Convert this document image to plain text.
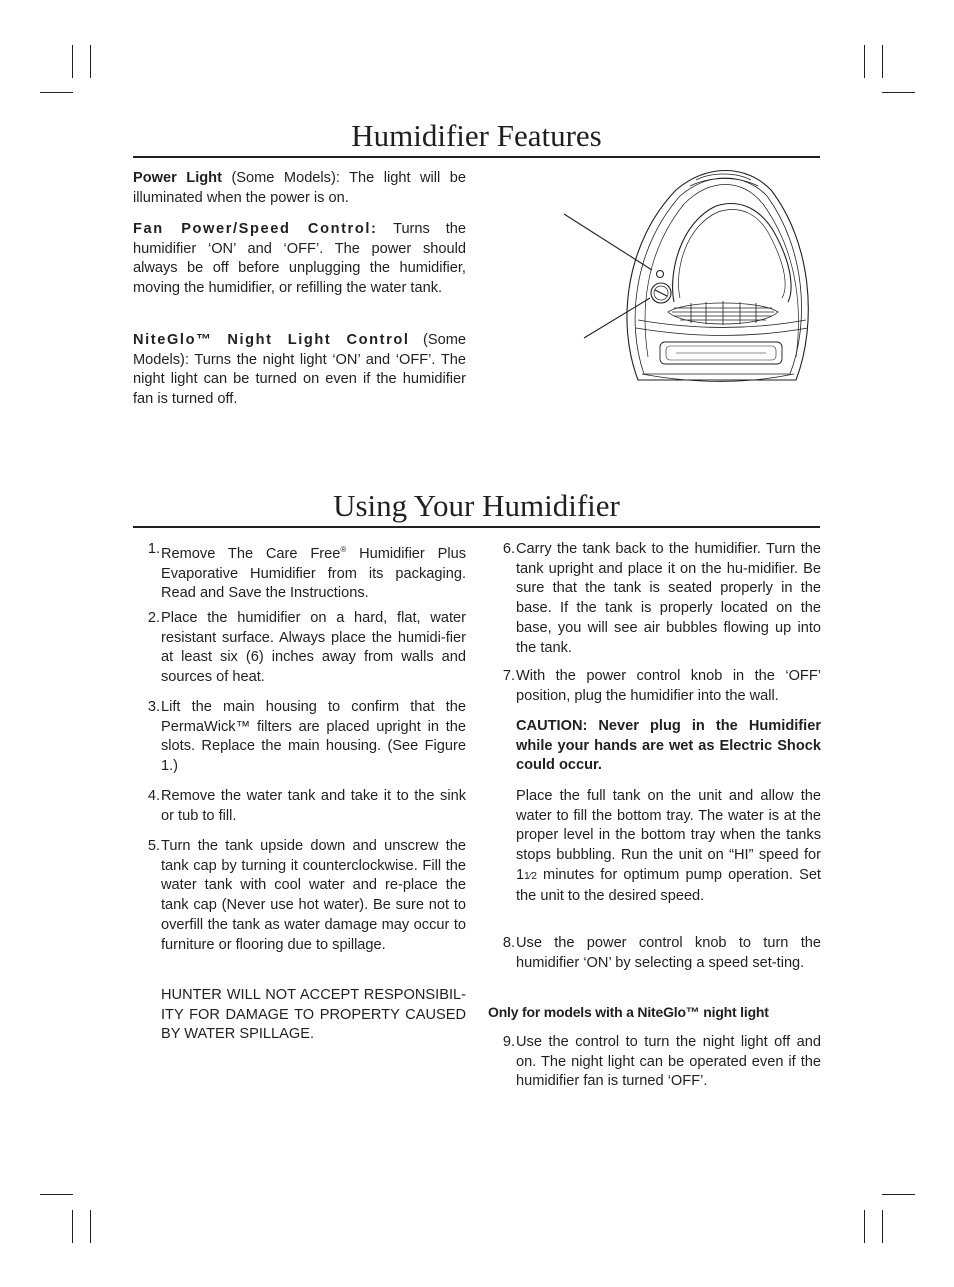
Humidifier Features

Power Light (Some Models): The light will be illuminated when the power is on.

Fan Power/Speed Control: Turns the humidifier ‘ON’ and ‘OFF’. The power should always be off before unplugging the humidifier, moving the humidifier, or refilling the water tank.

NiteGlo™ Night Light Control (Some Models): Turns the night light ‘ON’ and ‘OFF’. The night light can be turned on even if the humidifier fan is turned off.

Using Your Humidifier
1. Remove The Care Free® Humidifier Plus Evaporative Humidifier from its packaging. Read and Save the Instructions.

2. Place the humidifier on a hard, flat, water resistant surface. Always place the humidi-fier at least six (6) inches away from walls and sources of heat.

3. Lift the main housing to confirm that the PermaWick™ filters are placed upright in the slots. Replace the main housing. (See Figure 1.)

4. Remove the water tank and take it to the sink or tub to fill.

5. Turn the tank upside down and unscrew the tank cap by turning it counterclockwise. Fill the water tank with cool water and re-place the tank cap (Never use hot water). Be sure not to overfill the tank as water damage may occur to furniture or flooring due to spillage.

HUNTER WILL NOT ACCEPT RESPONSIBIL-ITY FOR DAMAGE TO PROPERTY CAUSED BY WATER SPILLAGE.

6. Carry the tank back to the humidifier. Turn the tank upright and place it on the hu-midifier. Be sure that the tank is seated properly in the base. If the tank is properly located on the base, you will see air bubbles flowing up into the tank.

7. With the power control knob in the ‘OFF’ position, plug the humidifier into the wall.

CAUTION: Never plug in the Humidifier while your hands are wet as Electric Shock could occur.

Place the full tank on the unit and allow the water to fill the bottom tray. The water is at the proper level in the bottom tray when the tanks stops bubbling. Run the unit on “HI” speed for 11⁄2 minutes for optimum pump operation. Set the unit to the desired speed.

8. Use the power control knob to turn the humidifier ‘ON’ by selecting a speed set-ting.

Only for models with a NiteGlo™ night light

9. Use the control to turn the night light off and on. The night light can be operated even if the humidifier fan is turned ‘OFF’.
